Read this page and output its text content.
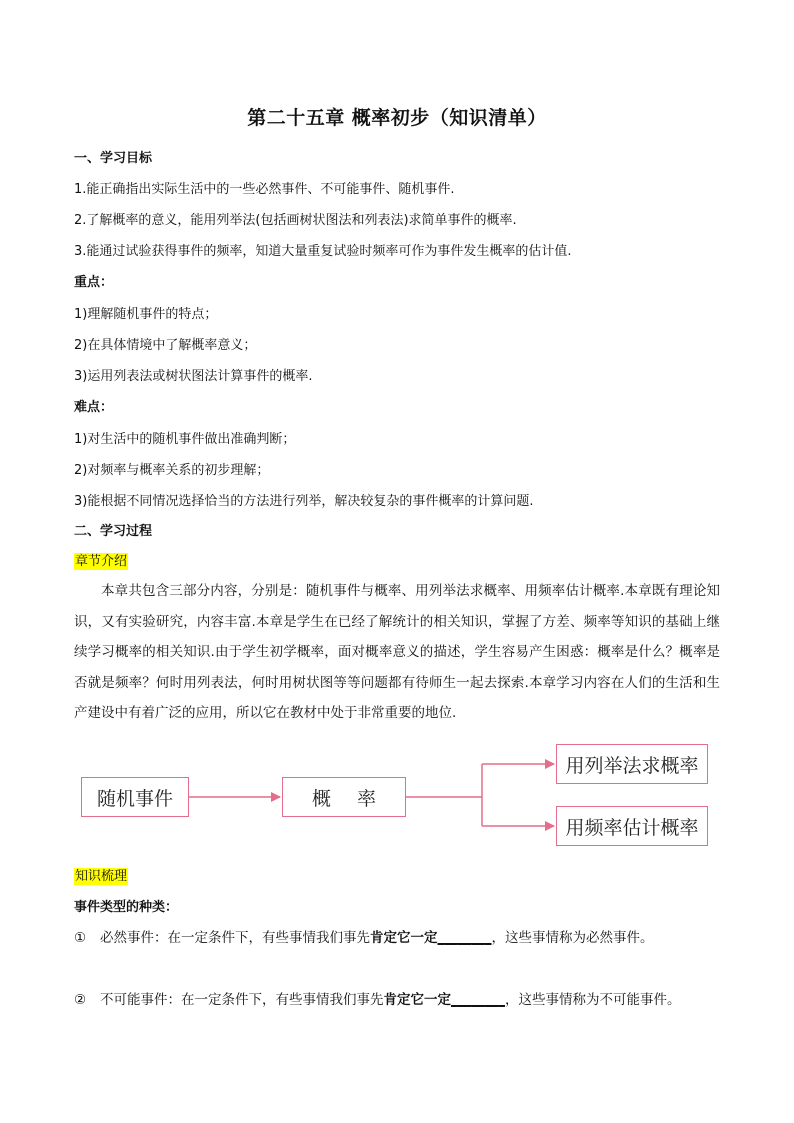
第二十五章 概率初步（知识清单）
一、学习目标
1.能正确指出实际生活中的一些必然事件、不可能事件、随机事件.
2.了解概率的意义，能用列举法(包括画树状图法和列表法)求简单事件的概率.
3.能通过试验获得事件的频率，知道大量重复试验时频率可作为事件发生概率的估计值.
重点：
1)理解随机事件的特点；
2)在具体情境中了解概率意义；
3)运用列表法或树状图法计算事件的概率.
难点：
1)对生活中的随机事件做出准确判断；
2)对频率与概率关系的初步理解；
3)能根据不同情况选择恰当的方法进行列举，解决较复杂的事件概率的计算问题.
二、学习过程
章节介绍

本章共包含三部分内容，分别是：随机事件与概率、用列举法求概率、用频率估计概率.本章既有理论知识，又有实验研究，内容丰富.本章是学生在已经了解统计的相关知识，掌握了方差、频率等知识的基础上继续学习概率的相关知识.由于学生初学概率，面对概率意义的描述，学生容易产生困惑：概率是什么？概率是否就是频率？何时用列表法，何时用树状图等等问题都有待师生一起去探索.本章学习内容在人们的生活和生产建设中有着广泛的应用，所以它在教材中处于非常重要的地位.

随机事件	概率
用列举法求概率
用频率估计概率
知识梳理
事件类型的种类：
① 必然事件：在一定条件下，有些事情我们事先肯定它一定________，这些事情称为必然事件。
② 不可能事件：在一定条件下，有些事情我们事先肯定它一定________，这些事情称为不可能事件。
